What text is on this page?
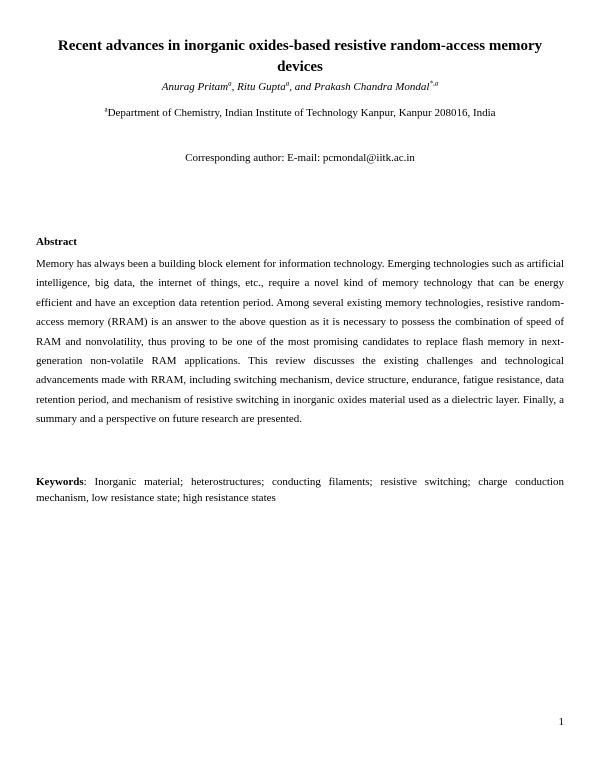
Recent advances in inorganic oxides-based resistive random-access memory devices
Anurag Pritam$^a$, Ritu Gupta$^a$, and Prakash Chandra Mondal$^{*,a}$
$^a$Department of Chemistry, Indian Institute of Technology Kanpur, Kanpur 208016, India
Corresponding author: E-mail: pcmondal@iitk.ac.in
Abstract
Memory has always been a building block element for information technology. Emerging technologies such as artificial intelligence, big data, the internet of things, etc., require a novel kind of memory technology that can be energy efficient and have an exception data retention period. Among several existing memory technologies, resistive random-access memory (RRAM) is an answer to the above question as it is necessary to possess the combination of speed of RAM and nonvolatility, thus proving to be one of the most promising candidates to replace flash memory in next-generation non-volatile RAM applications. This review discusses the existing challenges and technological advancements made with RRAM, including switching mechanism, device structure, endurance, fatigue resistance, data retention period, and mechanism of resistive switching in inorganic oxides material used as a dielectric layer. Finally, a summary and a perspective on future research are presented.
Keywords: Inorganic material; heterostructures; conducting filaments; resistive switching; charge conduction mechanism, low resistance state; high resistance states
1
